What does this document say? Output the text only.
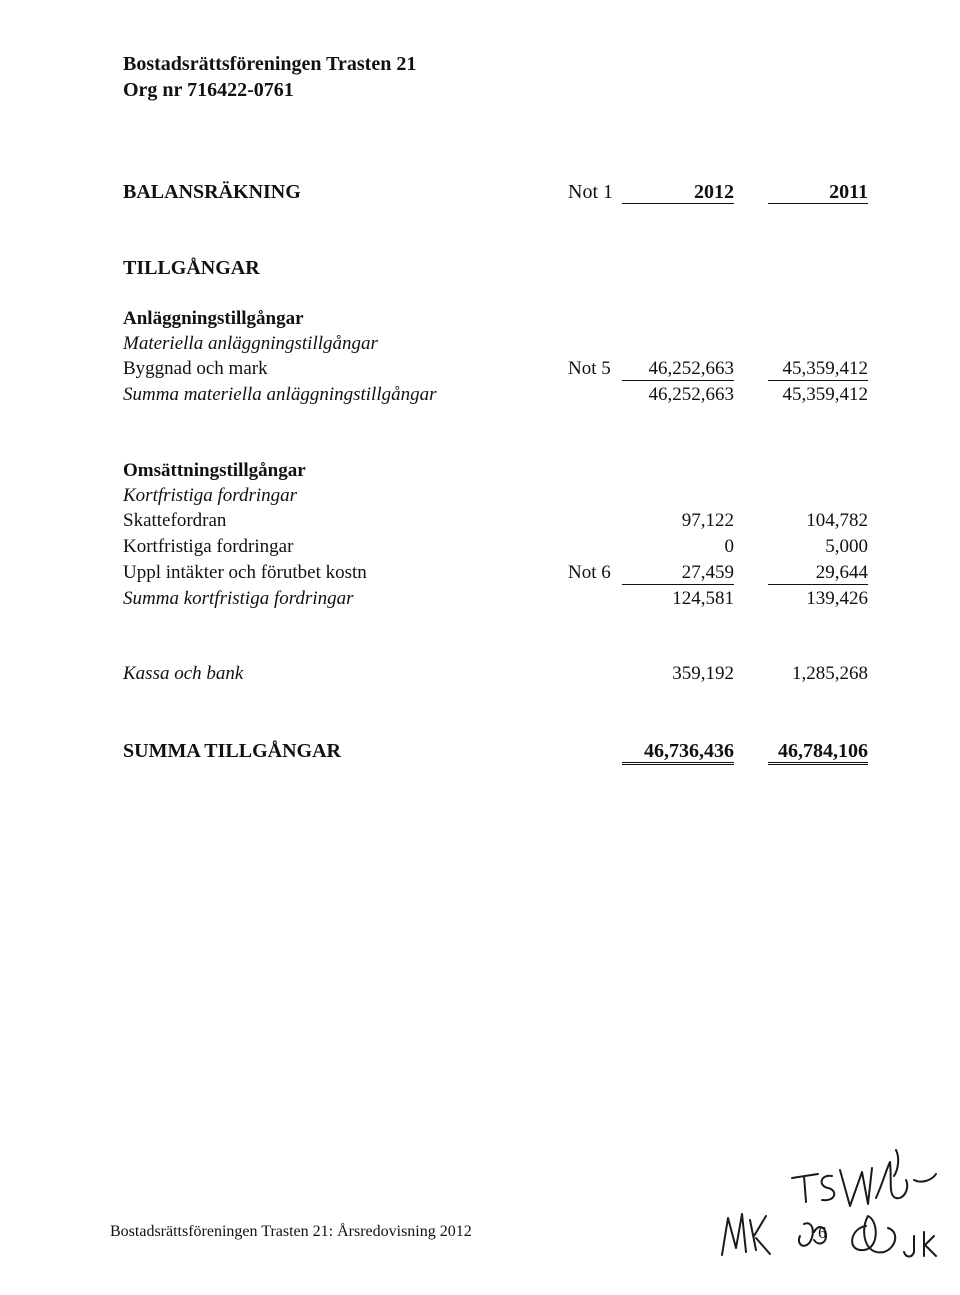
Bostadsrättsföreningen Trasten 21
Org nr 716422-0761
BALANSRÄKNING	Not 1	2012	2011
TILLGÅNGAR
Anläggningstillgångar
Materiella anläggningstillgångar
Byggnad och mark	Not 5	46,252,663	45,359,412
Summa materiella anläggningstillgångar	46,252,663	45,359,412
Omsättningstillgångar
Kortfristiga fordringar
Skattefordran	97,122	104,782
Kortfristiga fordringar	0	5,000
Uppl intäkter och förutbet kostn	Not 6	27,459	29,644
Summa kortfristiga fordringar	124,581	139,426
Kassa och bank	359,192	1,285,268
SUMMA TILLGÅNGAR	46,736,436	46,784,106
Bostadsrättsföreningen Trasten 21: Årsredovisning 2012	6
